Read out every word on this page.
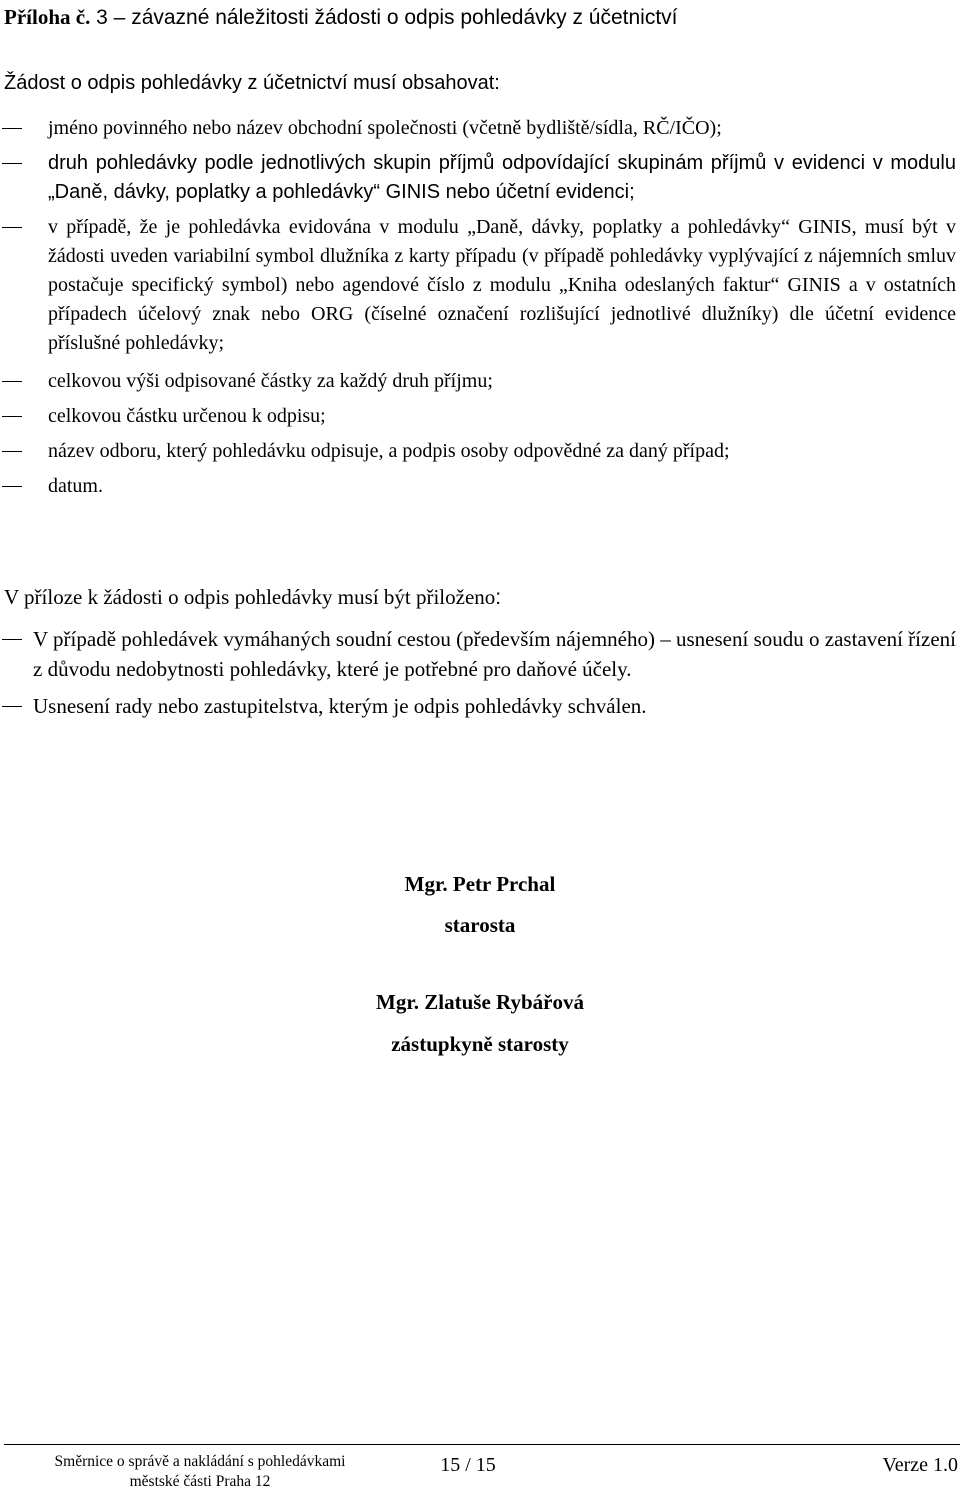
Příloha č. 3 – závazné náležitosti žádosti o odpis pohledávky z účetnictví

Žádost o odpis pohledávky z účetnictví musí obsahovat:

jméno povinného nebo název obchodní společnosti (včetně bydliště/sídla, RČ/IČO);
druh pohledávky podle jednotlivých skupin příjmů odpovídající skupinám příjmů v evidenci v modulu „Daně, dávky, poplatky a pohledávky“ GINIS nebo účetní evidenci;
v případě, že je pohledávka evidována v modulu „Daně, dávky, poplatky a pohledávky“ GINIS, musí být v žádosti uveden variabilní symbol dlužníka z karty případu (v případě pohledávky vyplývající z nájemních smluv postačuje specifický symbol) nebo agendové číslo z modulu „Kniha odeslaných faktur“ GINIS a v ostatních případech účelový znak nebo ORG (číselné označení rozlišující jednotlivé dlužníky) dle účetní evidence příslušné pohledávky;
celkovou výši odpisované částky za každý druh příjmu;
celkovou částku určenou k odpisu;
název odboru, který pohledávku odpisuje, a podpis osoby odpovědné za daný případ;
datum.

V příloze k žádosti o odpis pohledávky musí být přiloženo:

V případě pohledávek vymáhaných soudní cestou (především nájemného) – usnesení soudu o zastavení řízení z důvodu nedobytnosti pohledávky, které je potřebné pro daňové účely.
Usnesení rady nebo zastupitelstva, kterým je odpis pohledávky schválen.

Mgr. Petr Prchal

starosta

Mgr. Zlatuše Rybářová

zástupkyně starosty

Směrnice o správě a nakládání s pohledávkami
městské části Praha 12
15 / 15	Verze 1.0
